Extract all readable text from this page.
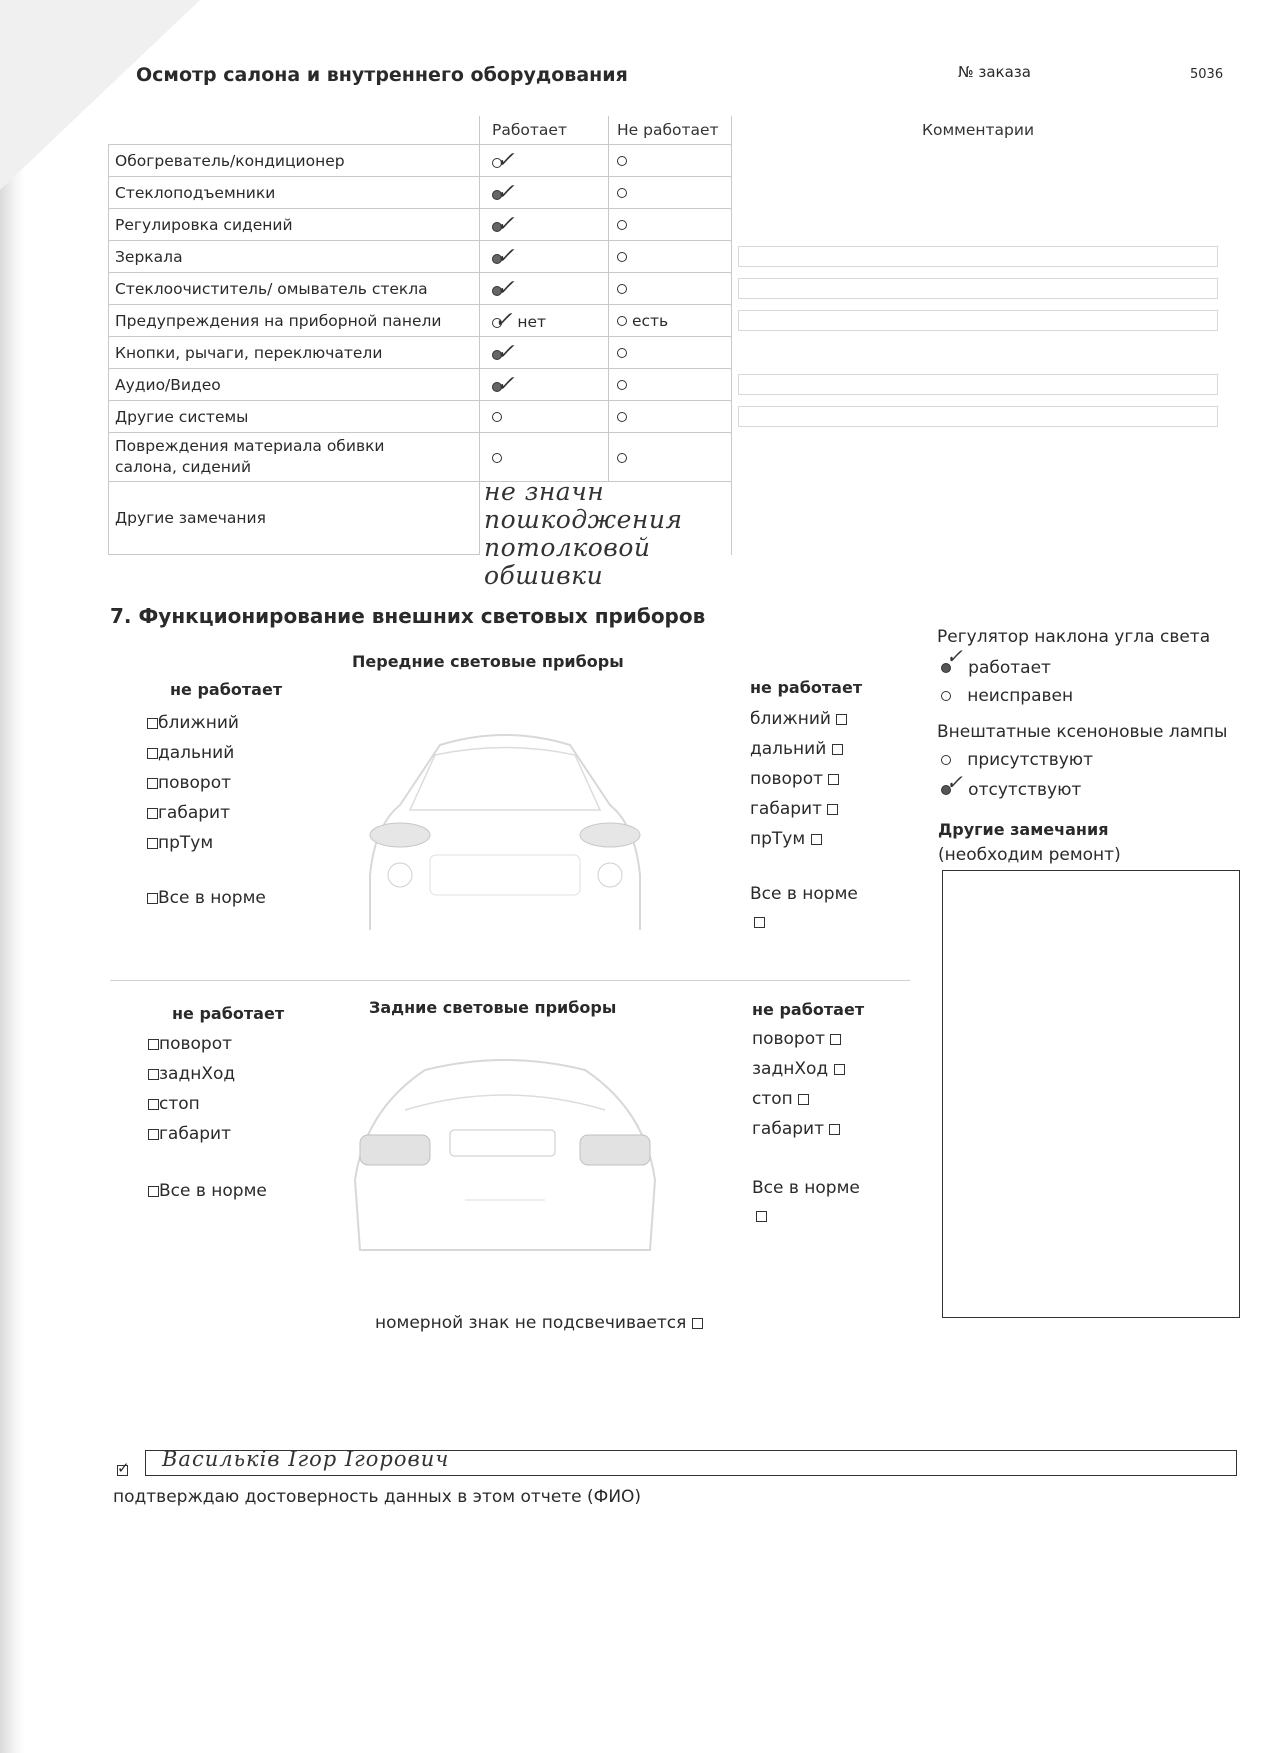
Осмотр салона и внутреннего оборудования	№ заказа	5036
	Работает	Не работает	Комментарии
Обогреватель/кондиционер	✓		
Стеклоподъемники	✓		
Регулировка сидений	✓		
Зеркала	✓		
Стеклоочиститель/ омыватель стекла	✓		
Предупреждения на приборной панели	✓ нет	есть	
Кнопки, рычаги, переключатели	✓		
Аудио/Видео	✓		
Другие системы			
Повреждения материала обивки
салона, сидений			
Другие замечания			
не значн
пошкоджения
потолковой
обшивки
7. Функционирование внешних световых приборов
не работает
Передние световые приборы
не работает
ближний
дальний
поворот
габарит
прТум
Все в норме
ближний
дальний
поворот
габарит
прТум
Все в норме
не работает	Задние световые приборы	не работает
поворот
заднХод
стоп
габарит
Все в норме
поворот
заднХод
стоп
габарит
Все в норме
номерной знак не подсвечивается
Регулятор наклона угла света
✓ работает
неисправен
Внештатные ксеноновые лампы
присутствуют
✓ отсутствуют
Другие замечания
(необходим ремонт)
✓ Васильків Ігор Ігорович
подтверждаю достоверность данных в этом отчете (ФИО)
